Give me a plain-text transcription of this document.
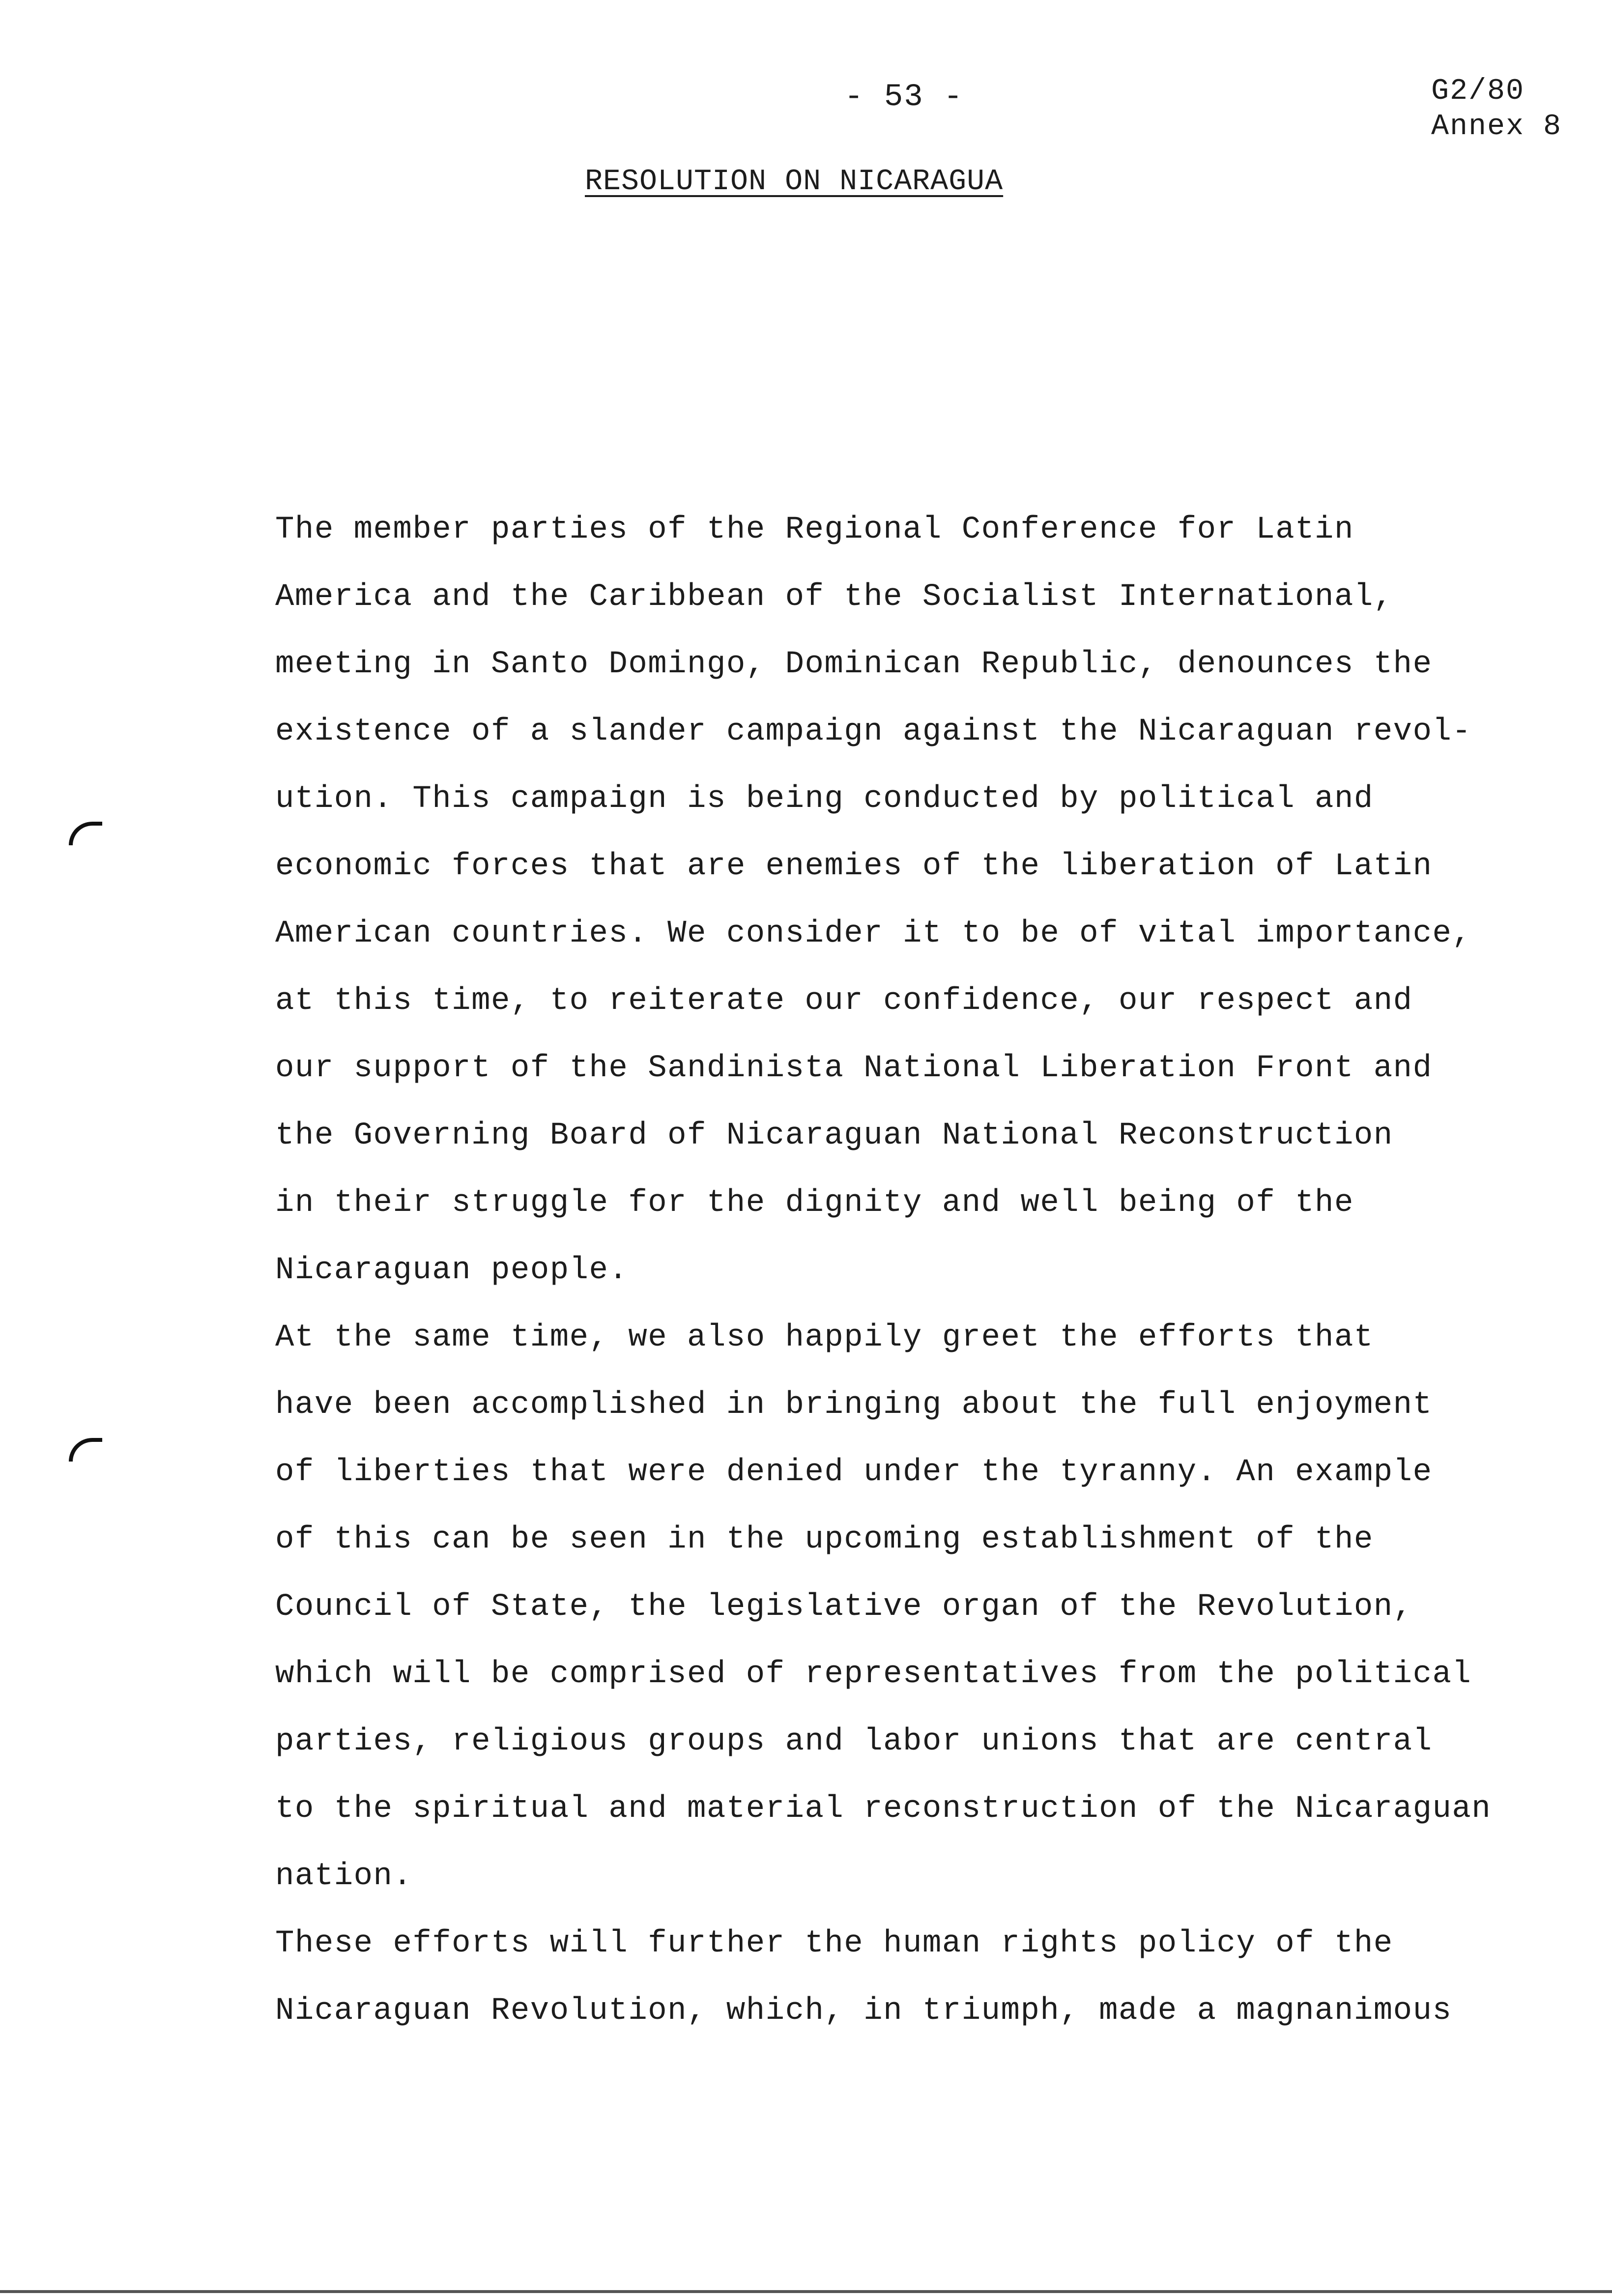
- 53 -	G2/80
Annex 8
RESOLUTION ON NICARAGUA
The member parties of the Regional Conference for Latin
America and the Caribbean of the Socialist International,
meeting in Santo Domingo, Dominican Republic, denounces the
existence of a slander campaign against the Nicaraguan revol-
ution. This campaign is being conducted by political and
economic forces that are enemies of the liberation of Latin
American countries. We consider it to be of vital importance,
at this time, to reiterate our confidence, our respect and
our support of the Sandinista National Liberation Front and
the Governing Board of Nicaraguan National Reconstruction
in their struggle for the dignity and well being of the
Nicaraguan people.
At the same time, we also happily greet the efforts that
have been accomplished in bringing about the full enjoyment
of liberties that were denied under the tyranny. An example
of this can be seen in the upcoming establishment of the
Council of State, the legislative organ of the Revolution,
which will be comprised of representatives from the political
parties, religious groups and labor unions that are central
to the spiritual and material reconstruction of the Nicaraguan
nation.
These efforts will further the human rights policy of the
Nicaraguan Revolution, which, in triumph, made a magnanimous
